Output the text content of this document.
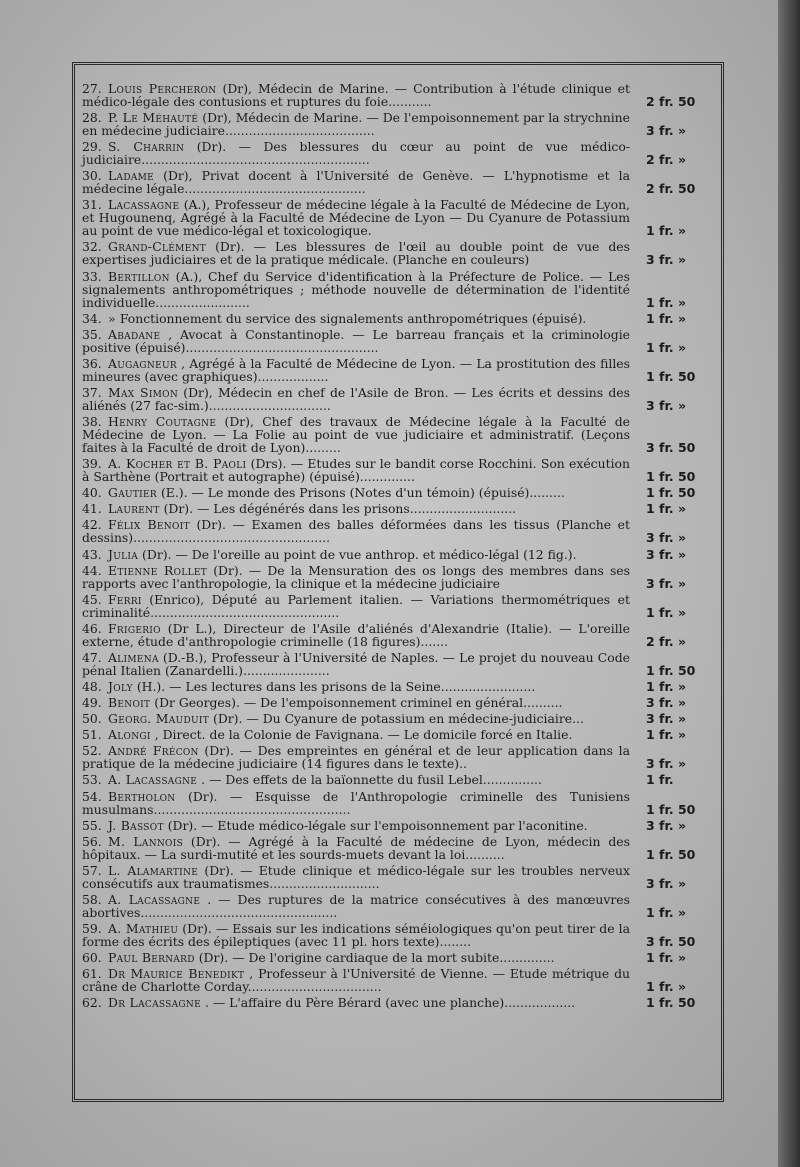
27. Louis Percheron (Dr), Médecin de Marine. — Contribution à l'étude clinique et médico-légale des contusions et ruptures du foie...........	2 fr. 50
28. P. Le Méhauté (Dr), Médecin de Marine. — De l'empoisonnement par la strychnine en médecine judiciaire......................................	3 fr. »
29. S. Charrin (Dr). — Des blessures du cœur au point de vue médico-judiciaire..........................................................	2 fr. »
30. Ladame (Dr), Privat docent à l'Université de Genève. — L'hypnotisme et la médecine légale..............................................	2 fr. 50
31. Lacassagne (A.), Professeur de médecine légale à la Faculté de Médecine de Lyon, et Hugounenq, Agrégé à la Faculté de Médecine de Lyon — Du Cyanure de Potassium au point de vue médico-légal et toxicologique.	1 fr. »
32. Grand-Clément (Dr). — Les blessures de l'œil au double point de vue des expertises judiciaires et de la pratique médicale. (Planche en couleurs)	3 fr. »
33. Bertillon (A.), Chef du Service d'identification à la Préfecture de Police. — Les signalements anthropométriques ; méthode nouvelle de détermination de l'identité individuelle........................	1 fr. »
34. » Fonctionnement du service des signalements anthropométriques (épuisé).	1 fr. »
35. Abadane , Avocat à Constantinople. — Le barreau français et la criminologie positive (épuisé).................................................	1 fr. »
36. Augagneur , Agrégé à la Faculté de Médecine de Lyon. — La prostitution des filles mineures (avec graphiques)..................	1 fr. 50
37. Max Simon (Dr), Médecin en chef de l'Asile de Bron. — Les écrits et dessins des aliénés (27 fac-sim.)...............................	3 fr. »
38. Henry Coutagne (Dr), Chef des travaux de Médecine légale à la Faculté de Médecine de Lyon. — La Folie au point de vue judiciaire et administratif. (Leçons faites à la Faculté de droit de Lyon).........	3 fr. 50
39. A. Kocher et B. Paoli (Drs). — Etudes sur le bandit corse Rocchini. Son exécution à Sarthène (Portrait et autographe) (épuisé)..............	1 fr. 50
40. Gautier (E.). — Le monde des Prisons (Notes d'un témoin) (épuisé).........	1 fr. 50
41. Laurent (Dr). — Les dégénérés dans les prisons...........................	1 fr. »
42. Félix Benoit (Dr). — Examen des balles déformées dans les tissus (Planche et dessins)..................................................	3 fr. »
43. Julia (Dr). — De l'oreille au point de vue anthrop. et médico-légal (12 fig.).	3 fr. »
44. Etienne Rollet (Dr). — De la Mensuration des os longs des membres dans ses rapports avec l'anthropologie, la clinique et la médecine judiciaire	3 fr. »
45. Ferri (Enrico), Député au Parlement italien. — Variations thermométriques et criminalité................................................	1 fr. »
46. Frigerio (Dr L.), Directeur de l'Asile d'aliénés d'Alexandrie (Italie). — L'oreille externe, étude d'anthropologie criminelle (18 figures).......	2 fr. »
47. Alimena (D.-B.), Professeur à l'Université de Naples. — Le projet du nouveau Code pénal Italien (Zanardelli.)......................	1 fr. 50
48. Joly (H.). — Les lectures dans les prisons de la Seine........................	1 fr. »
49. Benoit (Dr Georges). — De l'empoisonnement criminel en général..........	3 fr. »
50. Georg. Mauduit (Dr). — Du Cyanure de potassium en médecine-judiciaire...	3 fr. »
51. Alongi , Direct. de la Colonie de Favignana. — Le domicile forcé en Italie.	1 fr. »
52. André Frécon (Dr). — Des empreintes en général et de leur application dans la pratique de la médecine judiciaire (14 figures dans le texte)..	3 fr. »
53. A. Lacassagne . — Des effets de la baïonnette du fusil Lebel...............	1 fr.
54. Bertholon (Dr). — Esquisse de l'Anthropologie criminelle des Tunisiens musulmans..................................................	1 fr. 50
55. J. Bassot (Dr). — Etude médico-légale sur l'empoisonnement par l'aconitine.	3 fr. »
56. M. Lannois (Dr). — Agrégé à la Faculté de médecine de Lyon, médecin des hôpitaux. — La surdi-mutité et les sourds-muets devant la loi..........	1 fr. 50
57. L. Alamartine (Dr). — Etude clinique et médico-légale sur les troubles nerveux consécutifs aux traumatismes............................	3 fr. »
58. A. Lacassagne . — Des ruptures de la matrice consécutives à des manœuvres abortives..................................................	1 fr. »
59. A. Mathieu (Dr). — Essais sur les indications séméiologiques qu'on peut tirer de la forme des écrits des épileptiques (avec 11 pl. hors texte)........	3 fr. 50
60. Paul Bernard (Dr). — De l'origine cardiaque de la mort subite..............	1 fr. »
61. Dr Maurice Benedikt , Professeur à l'Université de Vienne. — Etude métrique du crâne de Charlotte Corday..................................	1 fr. »
62. Dr Lacassagne . — L'affaire du Père Bérard (avec une planche)..................	1 fr. 50
